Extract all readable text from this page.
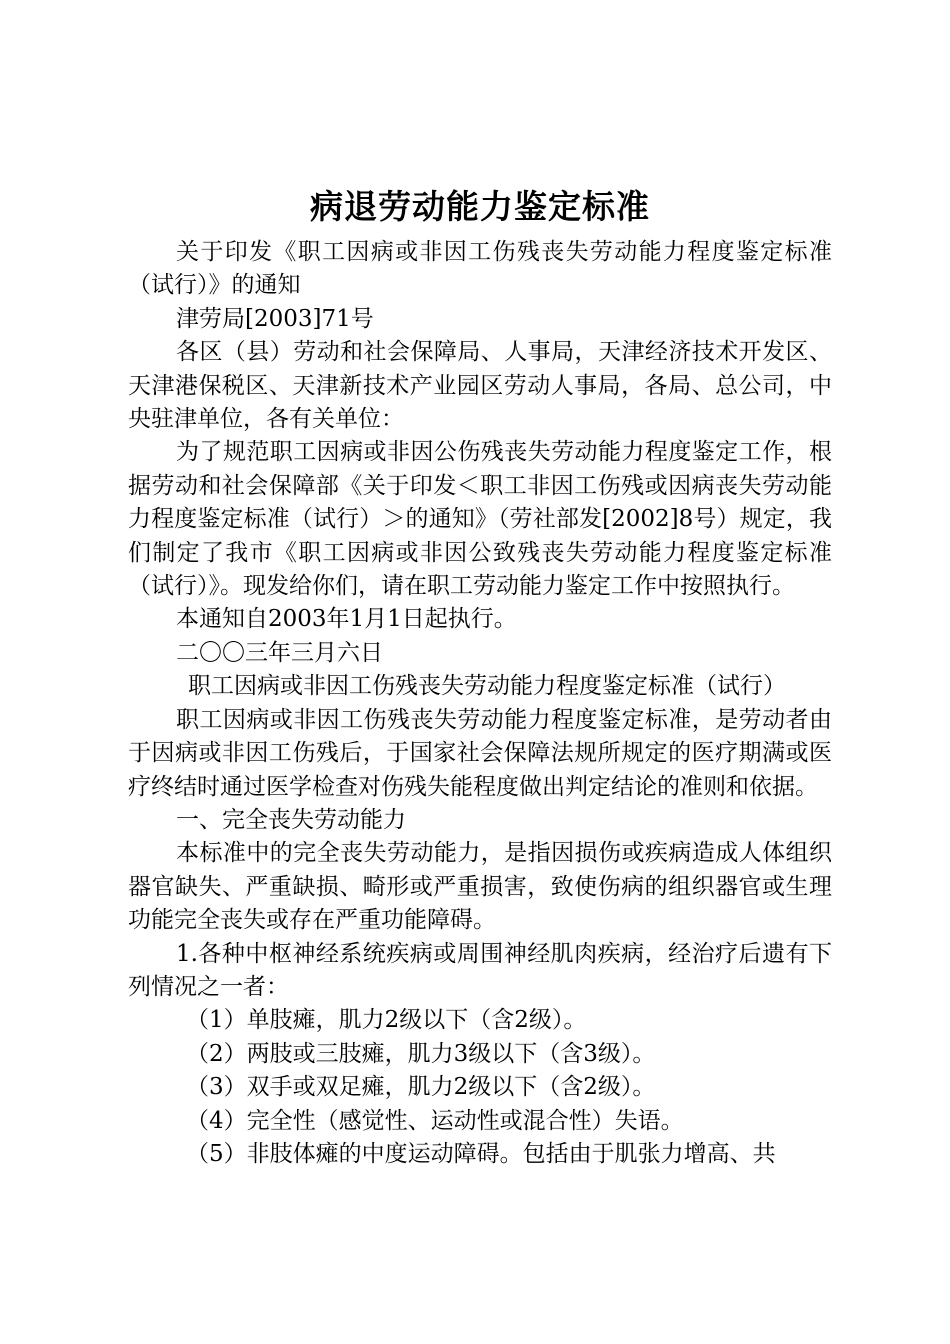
病退劳动能力鉴定标准

关于印发《职工因病或非因工伤残丧失劳动能力程度鉴定标准（试行）》的通知

津劳局[2003]71号

各区（县）劳动和社会保障局、人事局，天津经济技术开发区、天津港保税区、天津新技术产业园区劳动人事局，各局、总公司，中央驻津单位，各有关单位：

为了规范职工因病或非因公伤残丧失劳动能力程度鉴定工作，根据劳动和社会保障部《关于印发＜职工非因工伤残或因病丧失劳动能力程度鉴定标准（试行）＞的通知》（劳社部发[2002]8号）规定，我们制定了我市《职工因病或非因公致残丧失劳动能力程度鉴定标准（试行）》。现发给你们，请在职工劳动能力鉴定工作中按照执行。

本通知自2003年1月1日起执行。

二〇〇三年三月六日

职工因病或非因工伤残丧失劳动能力程度鉴定标准（试行）

职工因病或非因工伤残丧失劳动能力程度鉴定标准，是劳动者由于因病或非因工伤残后，于国家社会保障法规所规定的医疗期满或医疗终结时通过医学检查对伤残失能程度做出判定结论的准则和依据。

一、完全丧失劳动能力

本标准中的完全丧失劳动能力，是指因损伤或疾病造成人体组织器官缺失、严重缺损、畸形或严重损害，致使伤病的组织器官或生理功能完全丧失或存在严重功能障碍。

1.各种中枢神经系统疾病或周围神经肌肉疾病，经治疗后遗有下列情况之一者：

（1）单肢瘫，肌力2级以下（含2级）。

（2）两肢或三肢瘫，肌力3级以下（含3级）。

（3）双手或双足瘫，肌力2级以下（含2级）。

（4）完全性（感觉性、运动性或混合性）失语。

（5）非肢体瘫的中度运动障碍。包括由于肌张力增高、共
